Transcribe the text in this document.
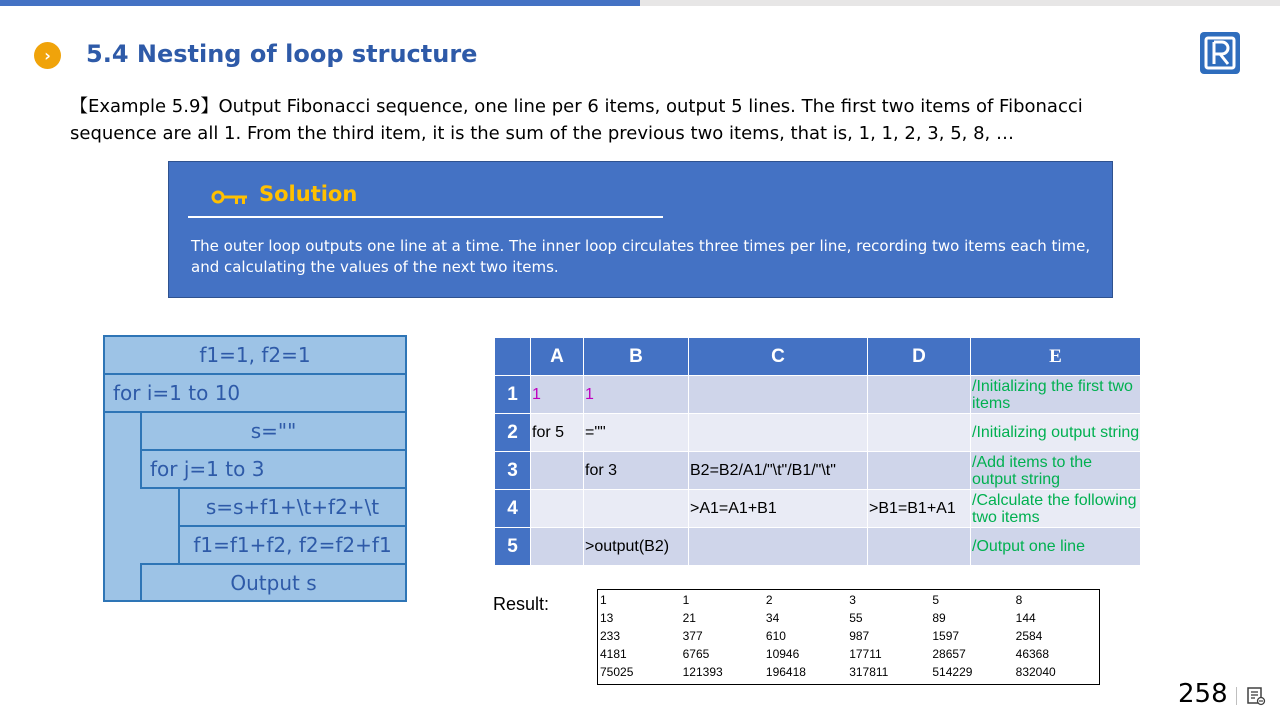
›	5.4 Nesting of loop structure
【Example 5.9】Output Fibonacci sequence, one line per 6 items, output 5 lines. The first two items of Fibonacci sequence are all 1. From the third item, it is the sum of the previous two items, that is, 1, 1, 2, 3, 5, 8, …
Solution
The outer loop outputs one line at a time. The inner loop circulates three times per line, recording two items each time, and calculating the values of the next two items.
f1=1, f2=1
for i=1 to 10
s=""
for j=1 to 3
s=s+f1+\t+f2+\t
f1=f1+f2, f2=f2+f1
Output s
	A	B	C	D	E
1	1	1			/Initializing the first two items
2	for 5	=""			/Initializing output string
3		for 3	B2=B2/A1/"\t"/B1/"\t"		/Add items to the output string
4			>A1=A1+B1	>B1=B1+A1	/Calculate the following two items
5		>output(B2)			/Output one line
Result:	1	1	2	3	5	8
13	21	34	55	89	144
233	377	610	987	1597	2584
4181	6765	10946	17711	28657	46368
75025	121393	196418	317811	514229	832040
258
